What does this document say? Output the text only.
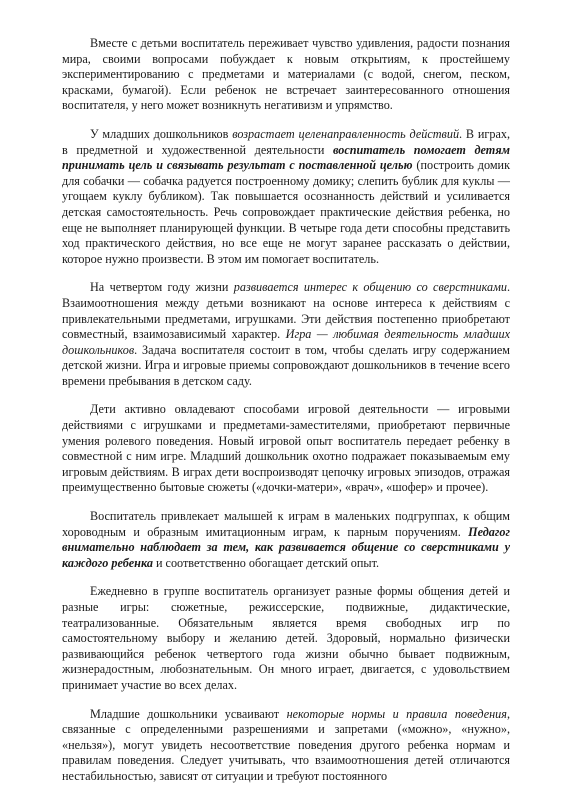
Вместе с детьми воспитатель переживает чувство удивления, радости познания мира, своими вопросами побуждает к новым открытиям, к простейшему экспериментированию с предметами и материалами (с водой, снегом, песком, красками, бумагой). Если ребенок не встречает заинтересованного отношения воспитателя, у него может возникнуть негативизм и упрямство.

У младших дошкольников возрастает целенаправленность действий. В играх, в предметной и художественной деятельности воспитатель помогает детям принимать цель и связывать результат с поставленной целью (построить домик для собачки — собачка радуется построенному домику; слепить бублик для куклы — угощаем куклу бубликом). Так повышается осознанность действий и усиливается детская самостоятельность. Речь сопровождает практические действия ребенка, но еще не выполняет планирующей функции. В четыре года дети способны представить ход практического действия, но все еще не могут заранее рассказать о действии, которое нужно произвести. В этом им помогает воспитатель.

На четвертом году жизни развивается интерес к общению со сверстниками. Взаимоотношения между детьми возникают на основе интереса к действиям с привлекательными предметами, игрушками. Эти действия постепенно приобретают совместный, взаимозависимый характер. Игра — любимая деятельность младших дошкольников. Задача воспитателя состоит в том, чтобы сделать игру содержанием детской жизни. Игра и игровые приемы сопровождают дошкольников в течение всего времени пребывания в детском саду.

Дети активно овладевают способами игровой деятельности — игровыми действиями с игрушками и предметами-заместителями, приобретают первичные умения ролевого поведения. Новый игровой опыт воспитатель передает ребенку в совместной с ним игре. Младший дошкольник охотно подражает показываемым ему игровым действиям. В играх дети воспроизводят цепочку игровых эпизодов, отражая преимущественно бытовые сюжеты («дочки-матери», «врач», «шофер» и прочее).

Воспитатель привлекает малышей к играм в маленьких подгруппах, к общим хороводным и образным имитационным играм, к парным поручениям. Педагог внимательно наблюдает за тем, как развивается общение со сверстниками у каждого ребенка и соответственно обогащает детский опыт.

Ежедневно в группе воспитатель организует разные формы общения детей и разные игры: сюжетные, режиссерские, подвижные, дидактические, театрализованные. Обязательным является время свободных игр по самостоятельному выбору и желанию детей. Здоровый, нормально физически развивающийся ребенок четвертого года жизни обычно бывает подвижным, жизнерадостным, любознательным. Он много играет, двигается, с удовольствием принимает участие во всех делах.

Младшие дошкольники усваивают некоторые нормы и правила поведения, связанные с определенными разрешениями и запретами («можно», «нужно», «нельзя»), могут увидеть несоответствие поведения другого ребенка нормам и правилам поведения. Следует учитывать, что взаимоотношения детей отличаются нестабильностью, зависят от ситуации и требуют постоянного
